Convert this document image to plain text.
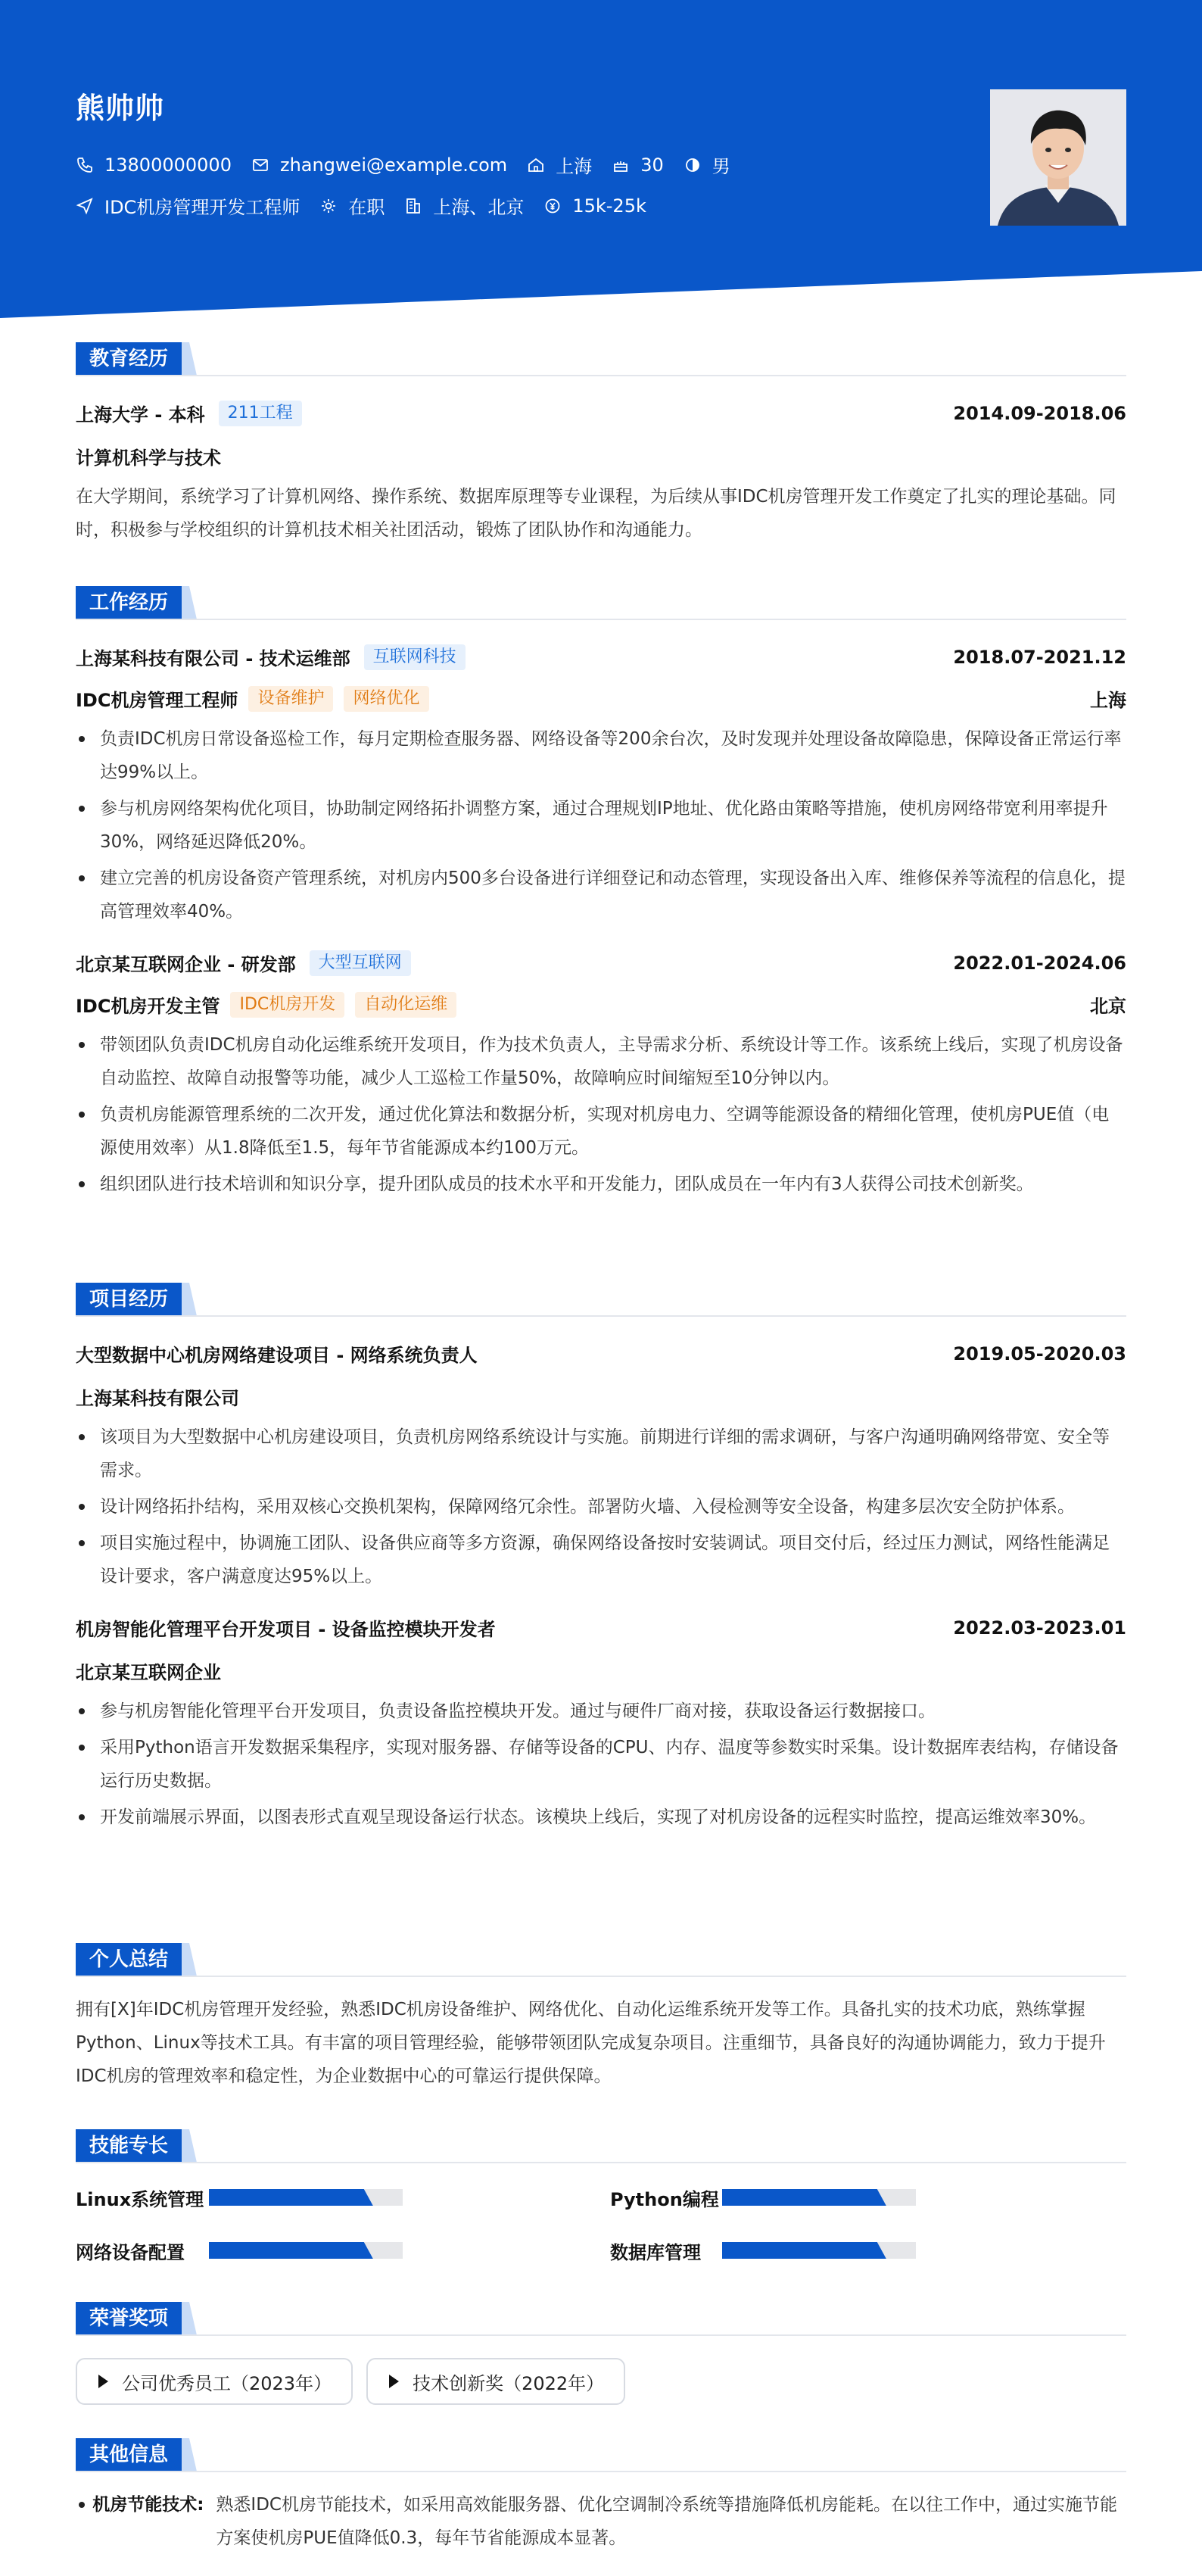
熊帅帅
13800000000	zhangwei@example.com	上海	30	男
IDC机房管理开发工程师	在职	上海、北京	15k-25k
教育经历
上海大学 - 本科	211工程	2014.09-2018.06
计算机科学与技术
在大学期间，系统学习了计算机网络、操作系统、数据库原理等专业课程，为后续从事IDC机房管理开发工作奠定了扎实的理论基础。同时，积极参与学校组织的计算机技术相关社团活动，锻炼了团队协作和沟通能力。
工作经历
上海某科技有限公司 - 技术运维部	互联网科技	2018.07-2021.12
IDC机房管理工程师	设备维护	网络优化	上海
负责IDC机房日常设备巡检工作，每月定期检查服务器、网络设备等200余台次，及时发现并处理设备故障隐患，保障设备正常运行率达99%以上。
参与机房网络架构优化项目，协助制定网络拓扑调整方案，通过合理规划IP地址、优化路由策略等措施，使机房网络带宽利用率提升30%，网络延迟降低20%。
建立完善的机房设备资产管理系统，对机房内500多台设备进行详细登记和动态管理，实现设备出入库、维修保养等流程的信息化，提高管理效率40%。
北京某互联网企业 - 研发部	大型互联网	2022.01-2024.06
IDC机房开发主管	IDC机房开发	自动化运维	北京
带领团队负责IDC机房自动化运维系统开发项目，作为技术负责人，主导需求分析、系统设计等工作。该系统上线后，实现了机房设备自动监控、故障自动报警等功能，减少人工巡检工作量50%，故障响应时间缩短至10分钟以内。
负责机房能源管理系统的二次开发，通过优化算法和数据分析，实现对机房电力、空调等能源设备的精细化管理，使机房PUE值（电源使用效率）从1.8降低至1.5，每年节省能源成本约100万元。
组织团队进行技术培训和知识分享，提升团队成员的技术水平和开发能力，团队成员在一年内有3人获得公司技术创新奖。
项目经历
大型数据中心机房网络建设项目 - 网络系统负责人	2019.05-2020.03
上海某科技有限公司
该项目为大型数据中心机房建设项目，负责机房网络系统设计与实施。前期进行详细的需求调研，与客户沟通明确网络带宽、安全等需求。
设计网络拓扑结构，采用双核心交换机架构，保障网络冗余性。部署防火墙、入侵检测等安全设备，构建多层次安全防护体系。
项目实施过程中，协调施工团队、设备供应商等多方资源，确保网络设备按时安装调试。项目交付后，经过压力测试，网络性能满足设计要求，客户满意度达95%以上。
机房智能化管理平台开发项目 - 设备监控模块开发者	2022.03-2023.01
北京某互联网企业
参与机房智能化管理平台开发项目，负责设备监控模块开发。通过与硬件厂商对接，获取设备运行数据接口。
采用Python语言开发数据采集程序，实现对服务器、存储等设备的CPU、内存、温度等参数实时采集。设计数据库表结构，存储设备运行历史数据。
开发前端展示界面，以图表形式直观呈现设备运行状态。该模块上线后，实现了对机房设备的远程实时监控，提高运维效率30%。
个人总结
拥有[X]年IDC机房管理开发经验，熟悉IDC机房设备维护、网络优化、自动化运维系统开发等工作。具备扎实的技术功底，熟练掌握Python、Linux等技术工具。有丰富的项目管理经验，能够带领团队完成复杂项目。注重细节，具备良好的沟通协调能力，致力于提升IDC机房的管理效率和稳定性，为企业数据中心的可靠运行提供保障。
技能专长
Linux系统管理	Python编程
网络设备配置	数据库管理
荣誉奖项
公司优秀员工（2023年）	技术创新奖（2022年）
其他信息
机房节能技术: 熟悉IDC机房节能技术，如采用高效能服务器、优化空调制冷系统等措施降低机房能耗。在以往工作中，通过实施节能方案使机房PUE值降低0.3，每年节省能源成本显著。
